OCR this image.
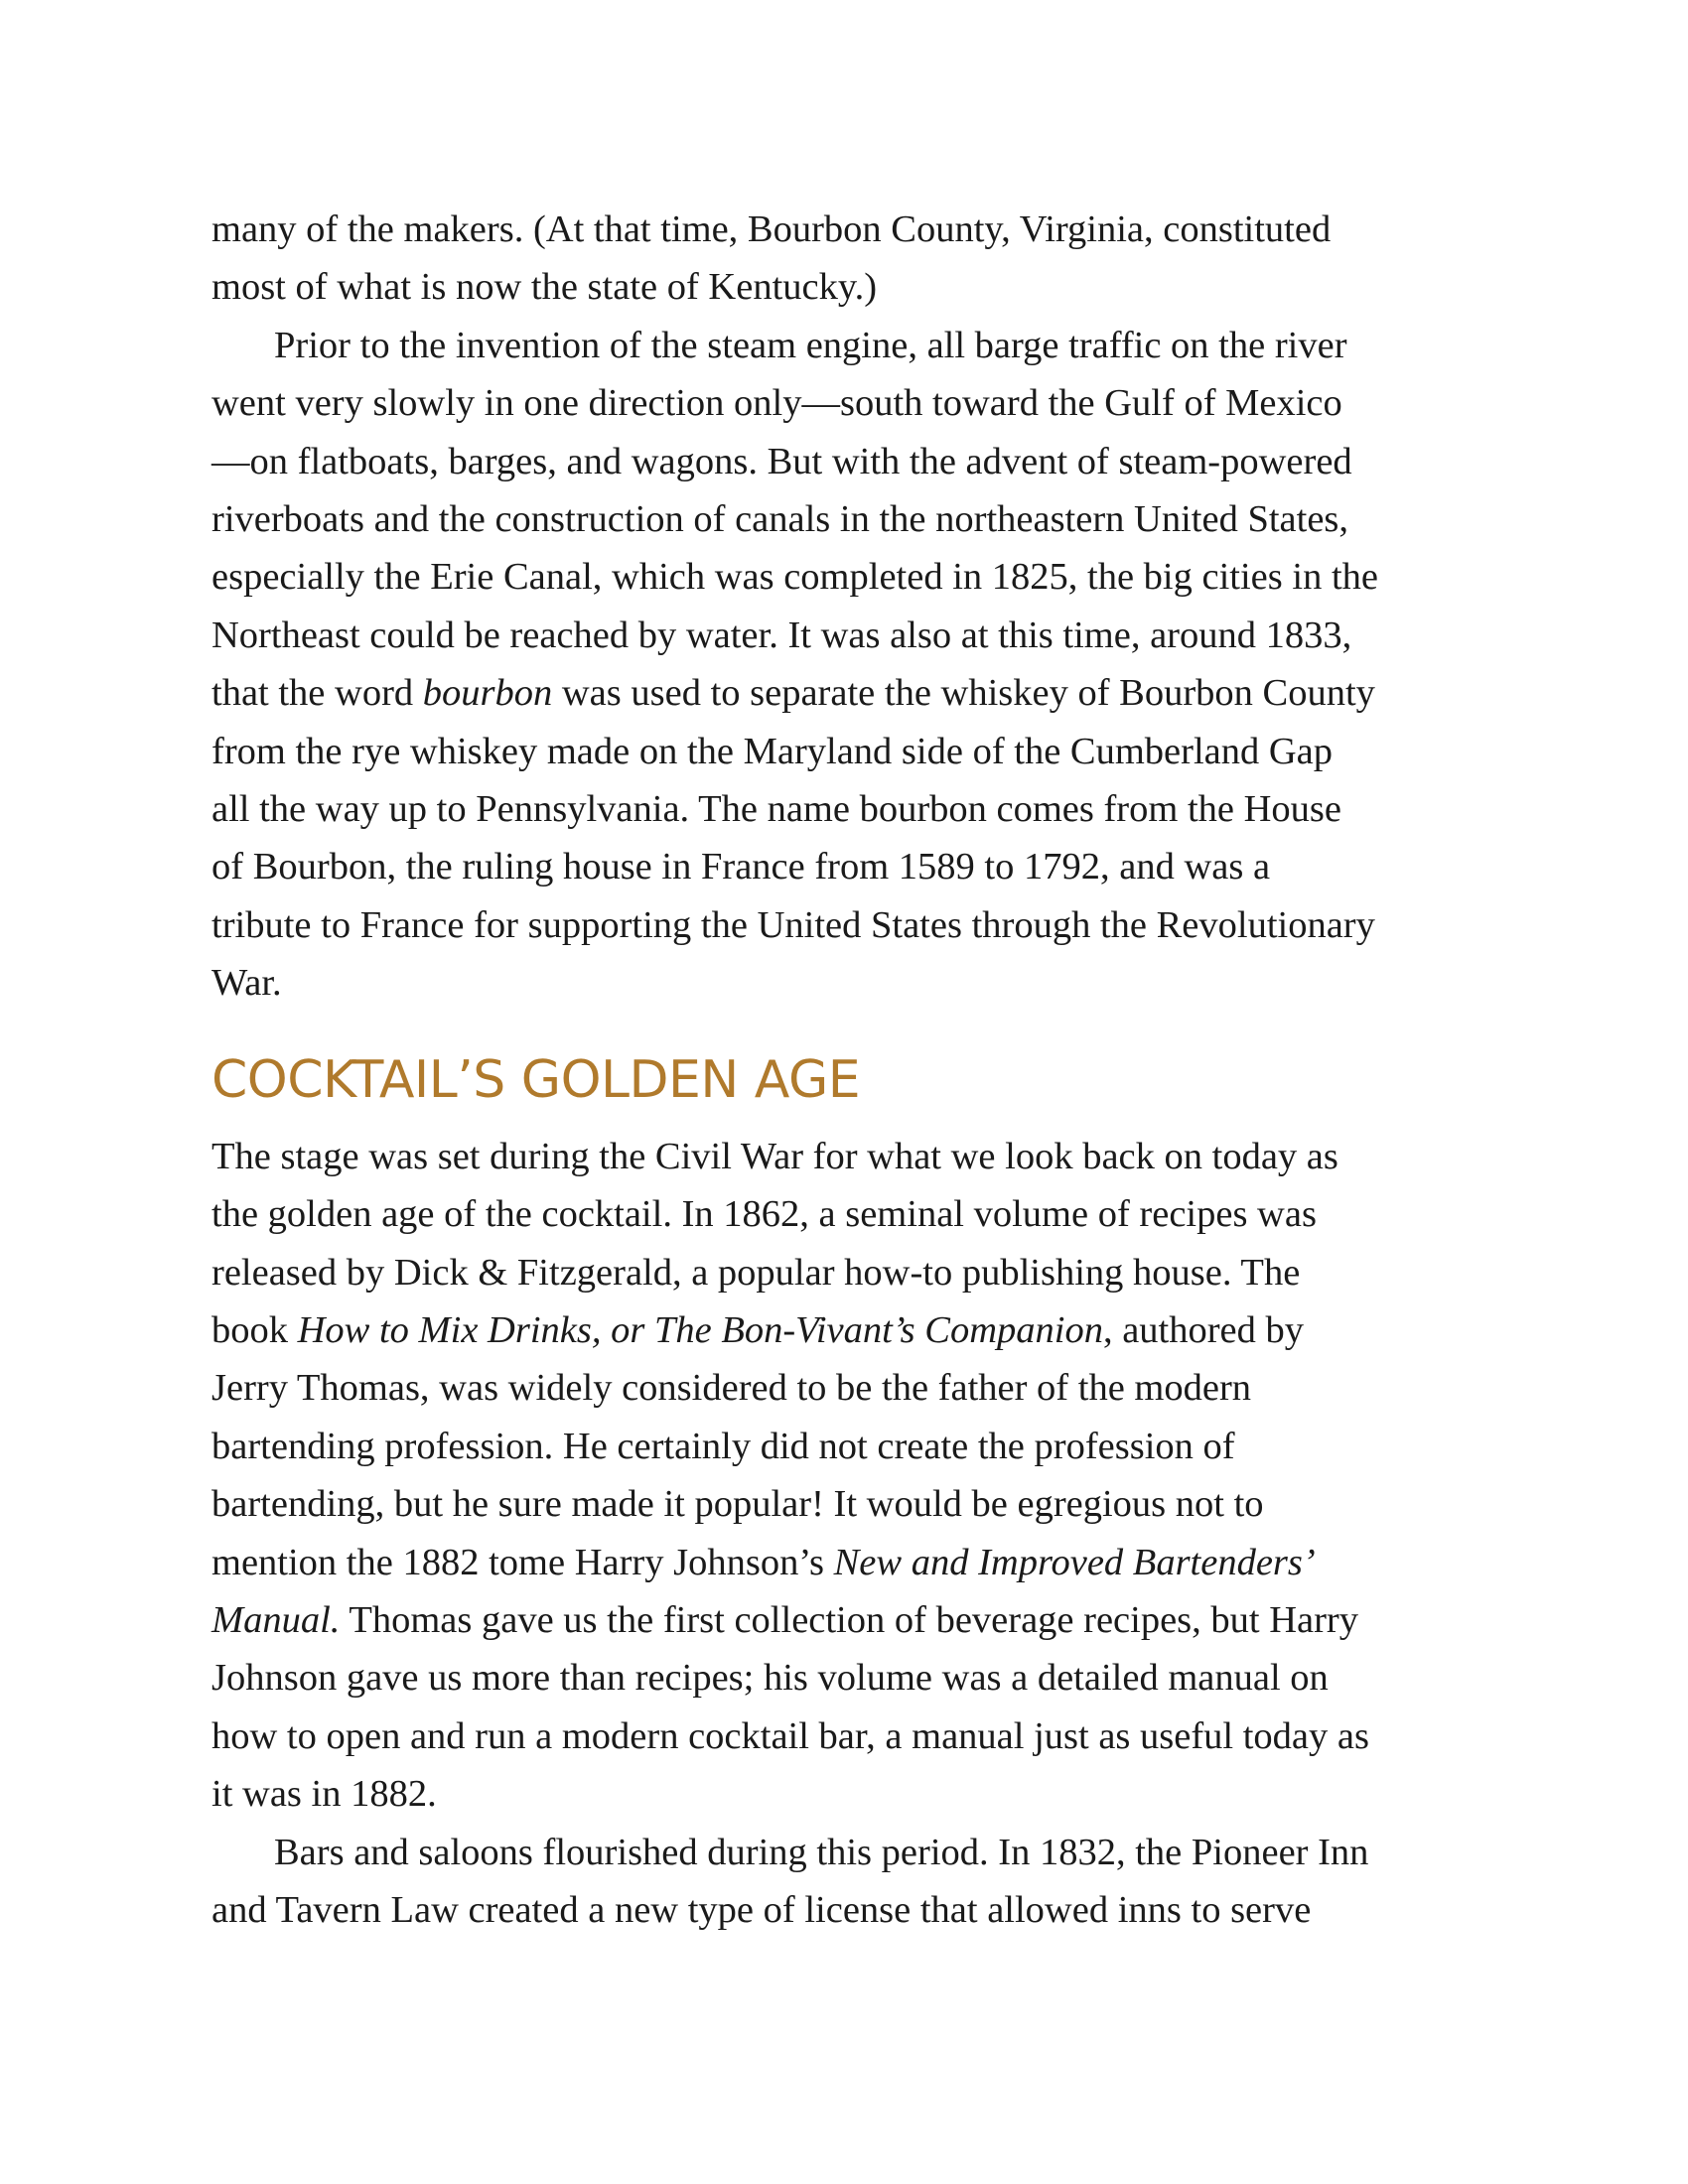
many of the makers. (At that time, Bourbon County, Virginia, constituted
most of what is now the state of Kentucky.)

Prior to the invention of the steam engine, all barge traffic on the river
went very slowly in one direction only—south toward the Gulf of Mexico
—on flatboats, barges, and wagons. But with the advent of steam-powered
riverboats and the construction of canals in the northeastern United States,
especially the Erie Canal, which was completed in 1825, the big cities in the
Northeast could be reached by water. It was also at this time, around 1833,
that the word bourbon was used to separate the whiskey of Bourbon County
from the rye whiskey made on the Maryland side of the Cumberland Gap
all the way up to Pennsylvania. The name bourbon comes from the House
of Bourbon, the ruling house in France from 1589 to 1792, and was a
tribute to France for supporting the United States through the Revolutionary
War.

COCKTAIL’S GOLDEN AGE

The stage was set during the Civil War for what we look back on today as
the golden age of the cocktail. In 1862, a seminal volume of recipes was
released by Dick & Fitzgerald, a popular how-to publishing house. The
book How to Mix Drinks, or The Bon-Vivant’s Companion, authored by
Jerry Thomas, was widely considered to be the father of the modern
bartending profession. He certainly did not create the profession of
bartending, but he sure made it popular! It would be egregious not to
mention the 1882 tome Harry Johnson’s New and Improved Bartenders’
Manual. Thomas gave us the first collection of beverage recipes, but Harry
Johnson gave us more than recipes; his volume was a detailed manual on
how to open and run a modern cocktail bar, a manual just as useful today as
it was in 1882.

Bars and saloons flourished during this period. In 1832, the Pioneer Inn
and Tavern Law created a new type of license that allowed inns to serve
